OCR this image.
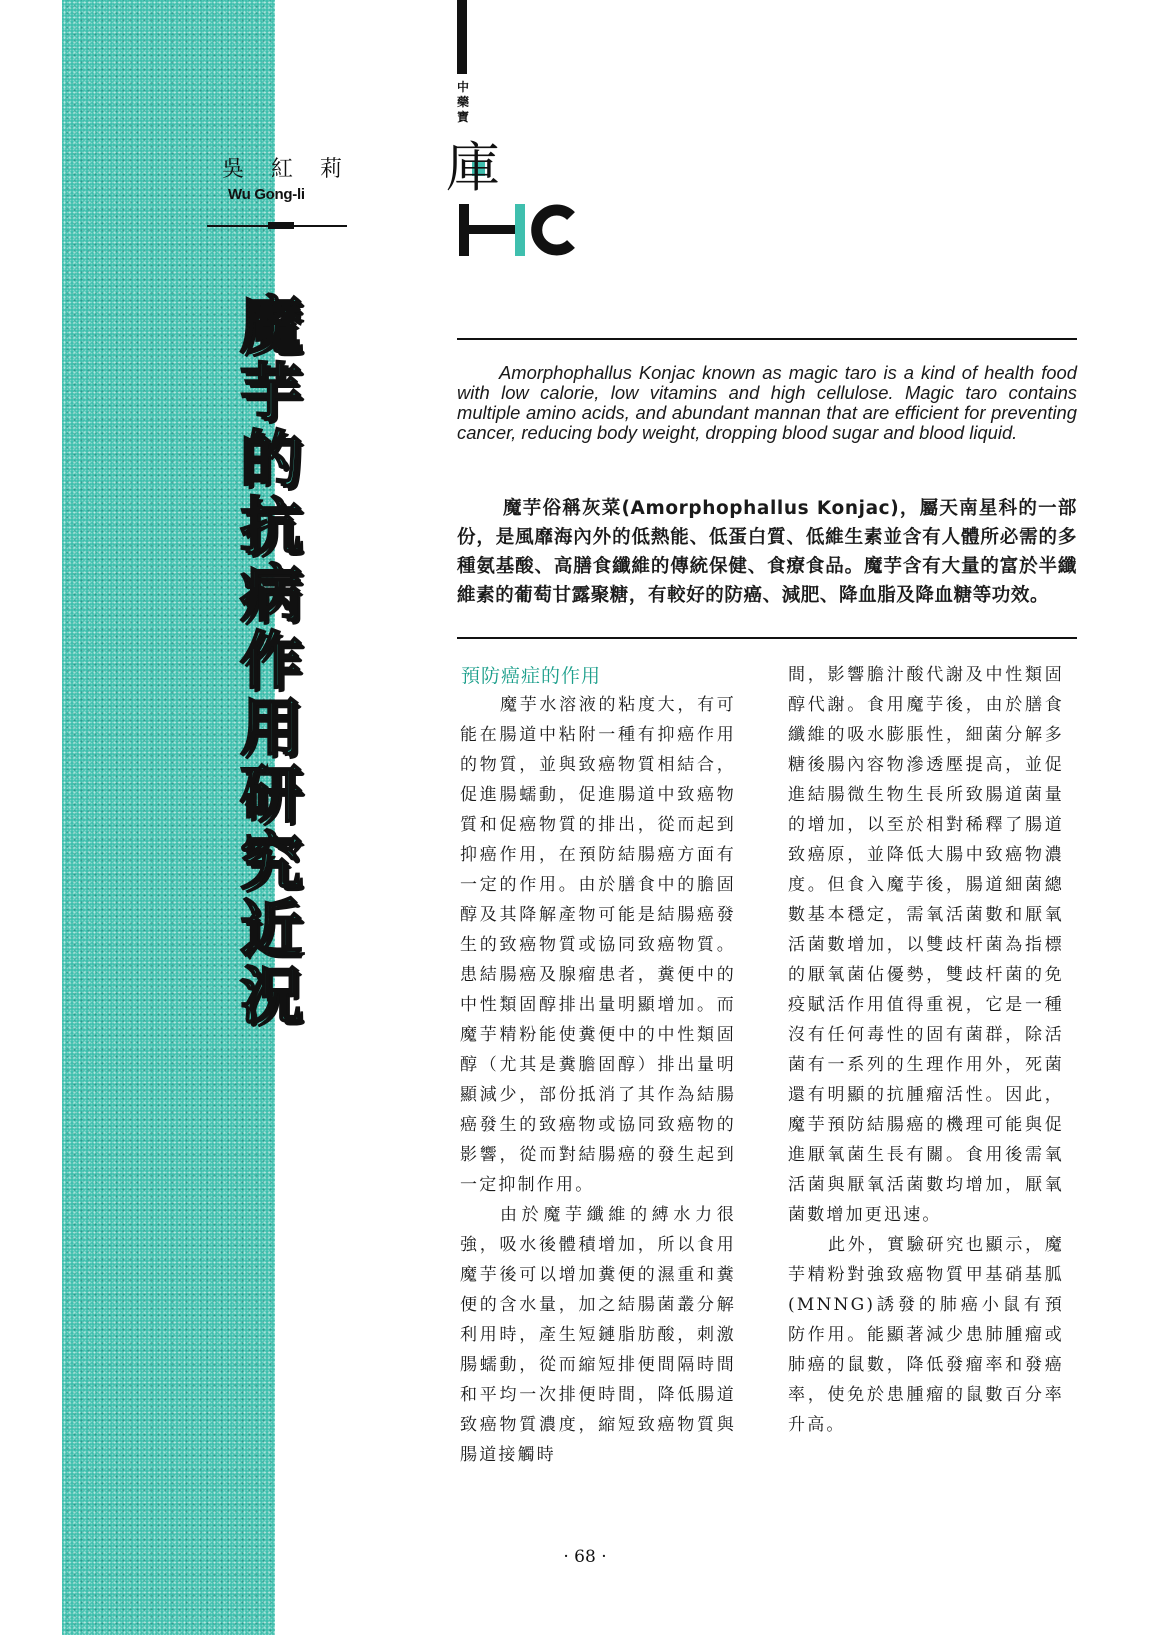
吳 紅 莉
Wu Gong-li
魔
芋
的
抗
病
作
用
研
究
近
況
中藥寶
庫

Amorphophallus Konjac known as magic taro is a kind of health food with low calorie, low vitamins and high cellulose. Magic taro contains multiple amino acids, and abundant mannan that are efficient for preventing cancer, reducing body weight, dropping blood sugar and blood liquid.

魔芋俗稱灰菜(Amorphophallus Konjac)，屬天南星科的一部份，是風靡海內外的低熱能、低蛋白質、低維生素並含有人體所必需的多種氨基酸、高膳食纖維的傳統保健、食療食品。魔芋含有大量的富於半纖維素的葡萄甘露聚糖，有較好的防癌、減肥、降血脂及降血糖等功效。

預防癌症的作用

魔芋水溶液的粘度大，有可能在腸道中粘附一種有抑癌作用的物質，並與致癌物質相結合，促進腸蠕動，促進腸道中致癌物質和促癌物質的排出，從而起到抑癌作用，在預防結腸癌方面有一定的作用。由於膳食中的膽固醇及其降解產物可能是結腸癌發生的致癌物質或協同致癌物質。患結腸癌及腺瘤患者，糞便中的中性類固醇排出量明顯增加。而魔芋精粉能使糞便中的中性類固醇（尤其是糞膽固醇）排出量明顯減少，部份抵消了其作為結腸癌發生的致癌物或協同致癌物的影響，從而對結腸癌的發生起到一定抑制作用。

由於魔芋纖維的縛水力很強，吸水後體積增加，所以食用魔芋後可以增加糞便的濕重和糞便的含水量，加之結腸菌叢分解利用時，產生短鏈脂肪酸，刺激腸蠕動，從而縮短排便間隔時間和平均一次排便時間，降低腸道致癌物質濃度，縮短致癌物質與腸道接觸時

間，影響膽汁酸代謝及中性類固醇代謝。食用魔芋後，由於膳食纖維的吸水膨脹性，細菌分解多糖後腸內容物滲透壓提高，並促進結腸微生物生長所致腸道菌量的增加，以至於相對稀釋了腸道致癌原，並降低大腸中致癌物濃度。但食入魔芋後，腸道細菌總數基本穩定，需氧活菌數和厭氧活菌數增加，以雙歧杆菌為指標的厭氧菌佔優勢，雙歧杆菌的免疫賦活作用值得重視，它是一種沒有任何毒性的固有菌群，除活菌有一系列的生理作用外，死菌還有明顯的抗腫瘤活性。因此，魔芋預防結腸癌的機理可能與促進厭氧菌生長有關。食用後需氧活菌與厭氧活菌數均增加，厭氧菌數增加更迅速。

此外，實驗研究也顯示，魔芋精粉對強致癌物質甲基硝基胍(MNNG)誘發的肺癌小鼠有預防作用。能顯著減少患肺腫瘤或肺癌的鼠數，降低發瘤率和發癌率，使免於患腫瘤的鼠數百分率升高。

· 68 ·
